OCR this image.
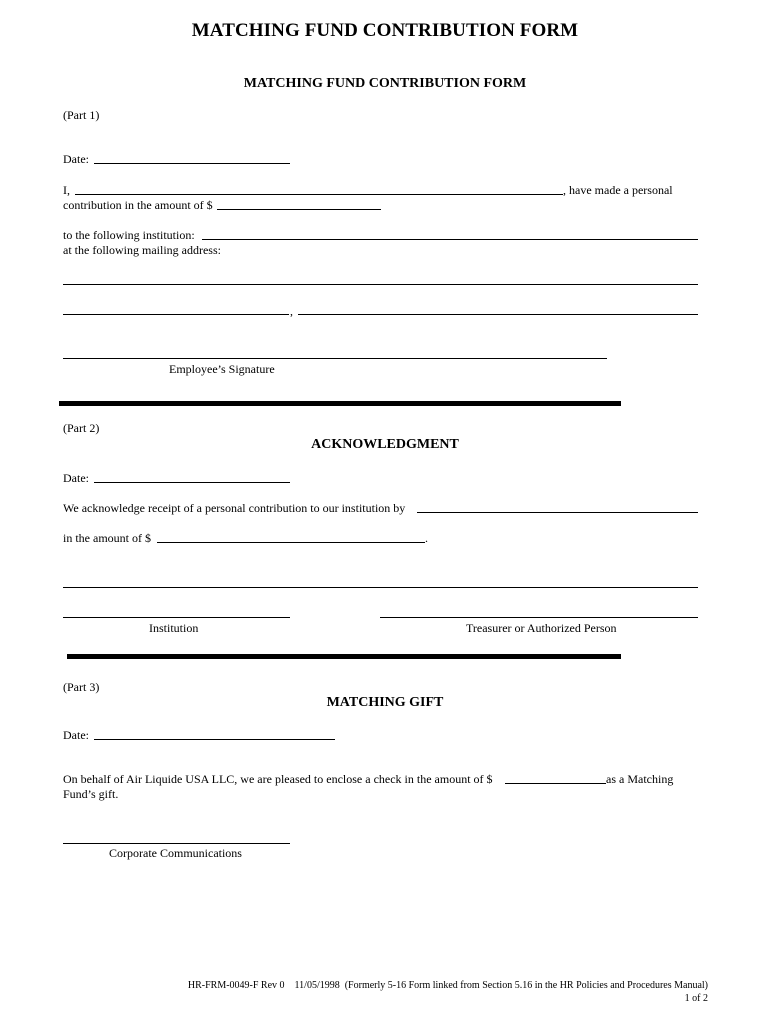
MATCHING FUND CONTRIBUTION FORM
MATCHING FUND CONTRIBUTION FORM
(Part 1)
Date:
I,	, have made a personal
contribution in the amount of $
to the following institution:
at the following mailing address:
,
Employee’s Signature
(Part 2)
ACKNOWLEDGMENT
Date:
We acknowledge receipt of a personal contribution to our institution by
in the amount of $	.
Institution	Treasurer or Authorized Person
(Part 3)
MATCHING GIFT
Date:
On behalf of Air Liquide USA LLC, we are pleased to enclose a check in the amount of $	as a Matching
Fund’s gift.
Corporate Communications
HR-FRM-0049-F Rev 0    11/05/1998  (Formerly 5-16 Form linked from Section 5.16 in the HR Policies and Procedures Manual)
1 of 2
